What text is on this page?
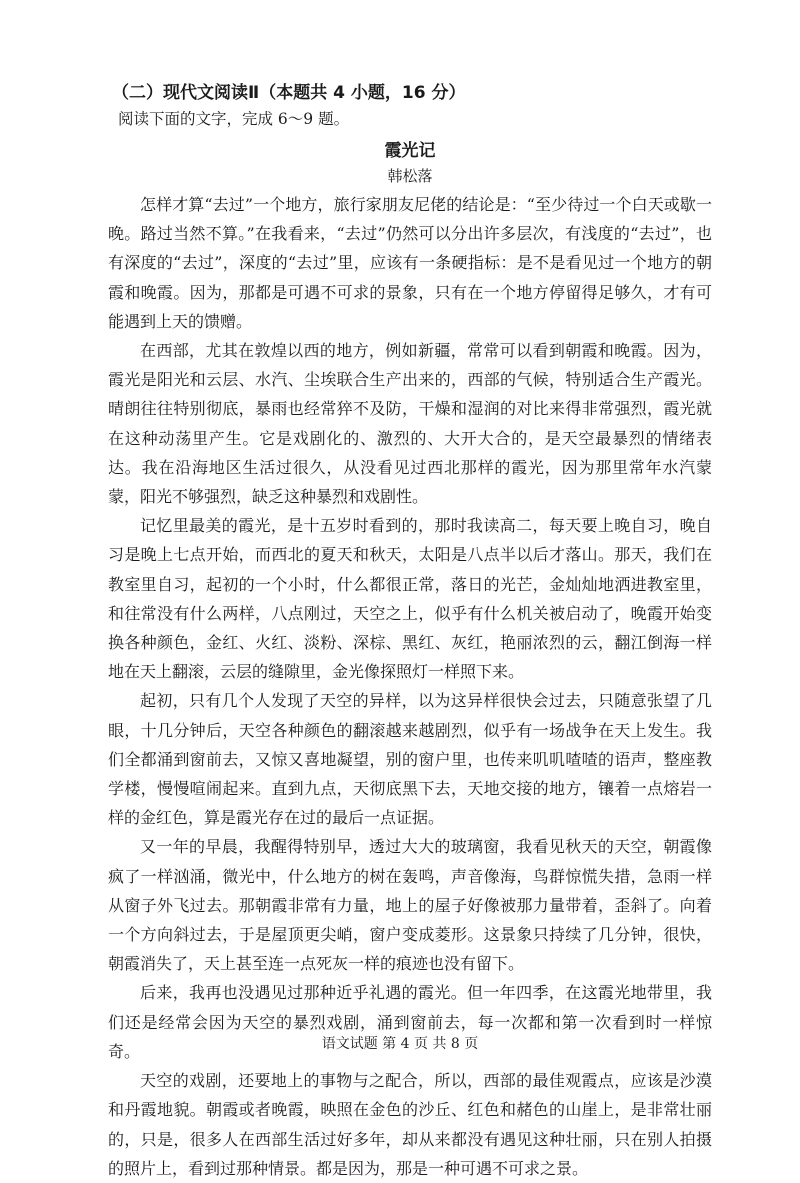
（二）现代文阅读Ⅱ（本题共 4 小题，16 分）
阅读下面的文字，完成 6～9 题。
霞光记
韩松落

怎样才算“去过”一个地方，旅行家朋友尼佬的结论是：“至少待过一个白天或歇一晚。路过当然不算。”在我看来，“去过”仍然可以分出许多层次，有浅度的“去过”，也有深度的“去过”，深度的“去过”里，应该有一条硬指标：是不是看见过一个地方的朝霞和晚霞。因为，那都是可遇不可求的景象，只有在一个地方停留得足够久，才有可能遇到上天的馈赠。

在西部，尤其在敦煌以西的地方，例如新疆，常常可以看到朝霞和晚霞。因为，霞光是阳光和云层、水汽、尘埃联合生产出来的，西部的气候，特别适合生产霞光。晴朗往往特别彻底，暴雨也经常猝不及防，干燥和湿润的对比来得非常强烈，霞光就在这种动荡里产生。它是戏剧化的、激烈的、大开大合的，是天空最暴烈的情绪表达。我在沿海地区生活过很久，从没看见过西北那样的霞光，因为那里常年水汽蒙蒙，阳光不够强烈，缺乏这种暴烈和戏剧性。

记忆里最美的霞光，是十五岁时看到的，那时我读高二，每天要上晚自习，晚自习是晚上七点开始，而西北的夏天和秋天，太阳是八点半以后才落山。那天，我们在教室里自习，起初的一个小时，什么都很正常，落日的光芒，金灿灿地洒进教室里，和往常没有什么两样，八点刚过，天空之上，似乎有什么机关被启动了，晚霞开始变换各种颜色，金红、火红、淡粉、深棕、黑红、灰红，艳丽浓烈的云，翻江倒海一样地在天上翻滚，云层的缝隙里，金光像探照灯一样照下来。

起初，只有几个人发现了天空的异样，以为这异样很快会过去，只随意张望了几眼，十几分钟后，天空各种颜色的翻滚越来越剧烈，似乎有一场战争在天上发生。我们全都涌到窗前去，又惊又喜地凝望，别的窗户里，也传来叽叽喳喳的语声，整座教学楼，慢慢喧闹起来。直到九点，天彻底黑下去，天地交接的地方，镶着一点熔岩一样的金红色，算是霞光存在过的最后一点证据。

又一年的早晨，我醒得特别早，透过大大的玻璃窗，我看见秋天的天空，朝霞像疯了一样汹涌，微光中，什么地方的树在轰鸣，声音像海，鸟群惊慌失措，急雨一样从窗子外飞过去。那朝霞非常有力量，地上的屋子好像被那力量带着，歪斜了。向着一个方向斜过去，于是屋顶更尖峭，窗户变成菱形。这景象只持续了几分钟，很快，朝霞消失了，天上甚至连一点死灰一样的痕迹也没有留下。

后来，我再也没遇见过那种近乎礼遇的霞光。但一年四季，在这霞光地带里，我们还是经常会因为天空的暴烈戏剧，涌到窗前去，每一次都和第一次看到时一样惊奇。

天空的戏剧，还要地上的事物与之配合，所以，西部的最佳观霞点，应该是沙漠和丹霞地貌。朝霞或者晚霞，映照在金色的沙丘、红色和赭色的山崖上，是非常壮丽的，只是，很多人在西部生活过好多年，却从来都没有遇见这种壮丽，只在别人拍摄的照片上，看到过那种情景。都是因为，那是一种可遇不可求之景。

语文试题 第 4 页 共 8 页
